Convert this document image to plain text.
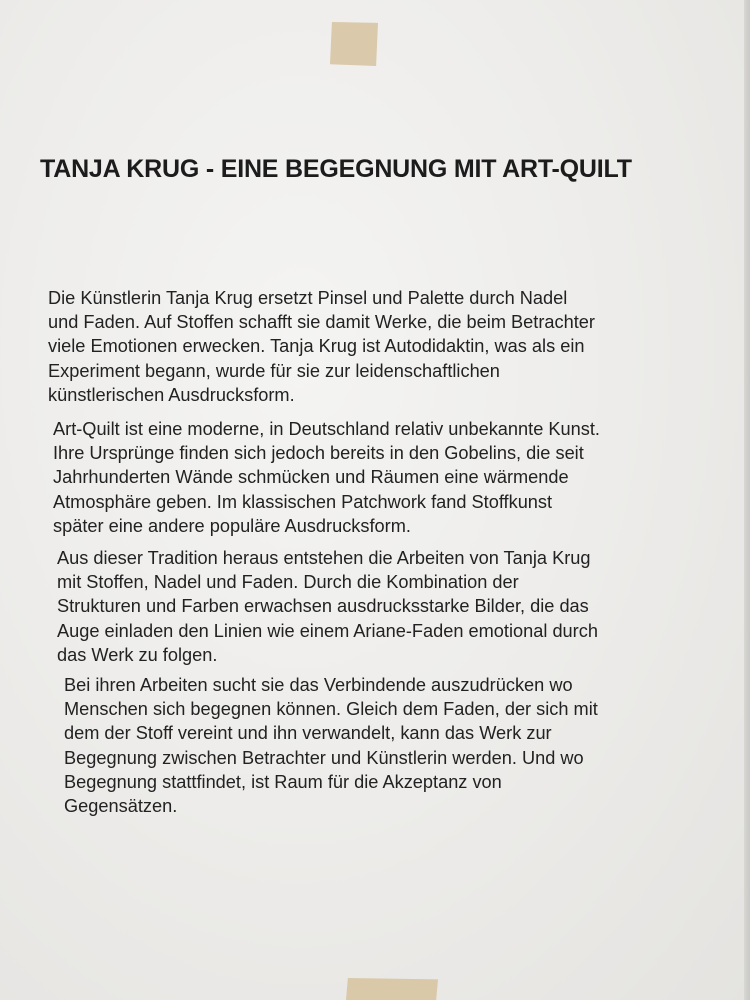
TANJA KRUG - EINE BEGEGNUNG MIT ART-QUILT
Die Künstlerin Tanja Krug ersetzt Pinsel und Palette durch Nadel
und Faden. Auf Stoffen schafft sie damit Werke, die beim Betrachter
viele Emotionen erwecken. Tanja Krug ist Autodidaktin, was als ein
Experiment begann, wurde für sie zur leidenschaftlichen
künstlerischen Ausdrucksform.
Art-Quilt ist eine moderne, in Deutschland relativ unbekannte Kunst.
Ihre Ursprünge finden sich jedoch bereits in den Gobelins, die seit
Jahrhunderten Wände schmücken und Räumen eine wärmende
Atmosphäre geben. Im klassischen Patchwork fand Stoffkunst
später eine andere populäre Ausdrucksform.
Aus dieser Tradition heraus entstehen die Arbeiten von Tanja Krug
mit Stoffen, Nadel und Faden. Durch die Kombination der
Strukturen und Farben erwachsen ausdrucksstarke Bilder, die das
Auge einladen den Linien wie einem Ariane-Faden emotional durch
das Werk zu folgen.
Bei ihren Arbeiten sucht sie das Verbindende auszudrücken wo
Menschen sich begegnen können. Gleich dem Faden, der sich mit
dem der Stoff vereint und ihn verwandelt, kann das Werk zur
Begegnung zwischen Betrachter und Künstlerin werden. Und wo
Begegnung stattfindet, ist Raum für die Akzeptanz von
Gegensätzen.
